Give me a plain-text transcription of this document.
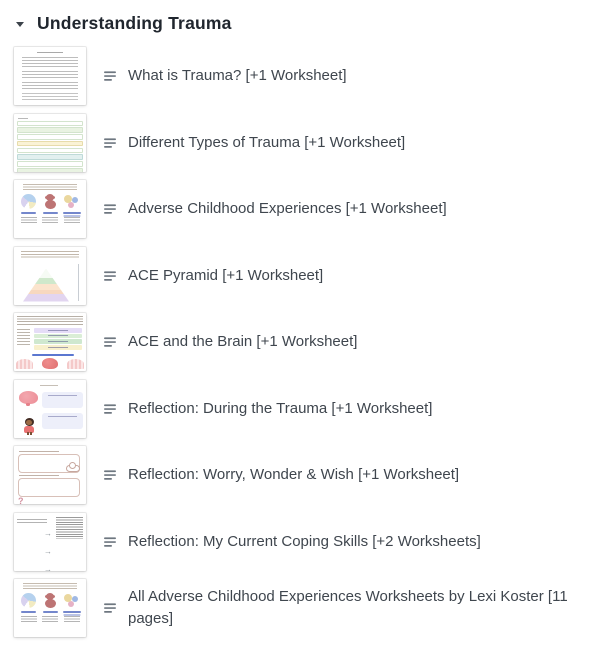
Understanding Trauma
What is Trauma? [+1 Worksheet]
Different Types of Trauma [+1 Worksheet]
Adverse Childhood Experiences [+1 Worksheet]
ACE Pyramid [+1 Worksheet]
ACE and the Brain [+1 Worksheet]
Reflection: During the Trauma [+1 Worksheet]
?
Reflection: Worry, Wonder & Wish [+1 Worksheet]
→
→
→
Reflection: My Current Coping Skills [+2 Worksheets]
All Adverse Childhood Experiences Worksheets by Lexi Koster [11 pages]
